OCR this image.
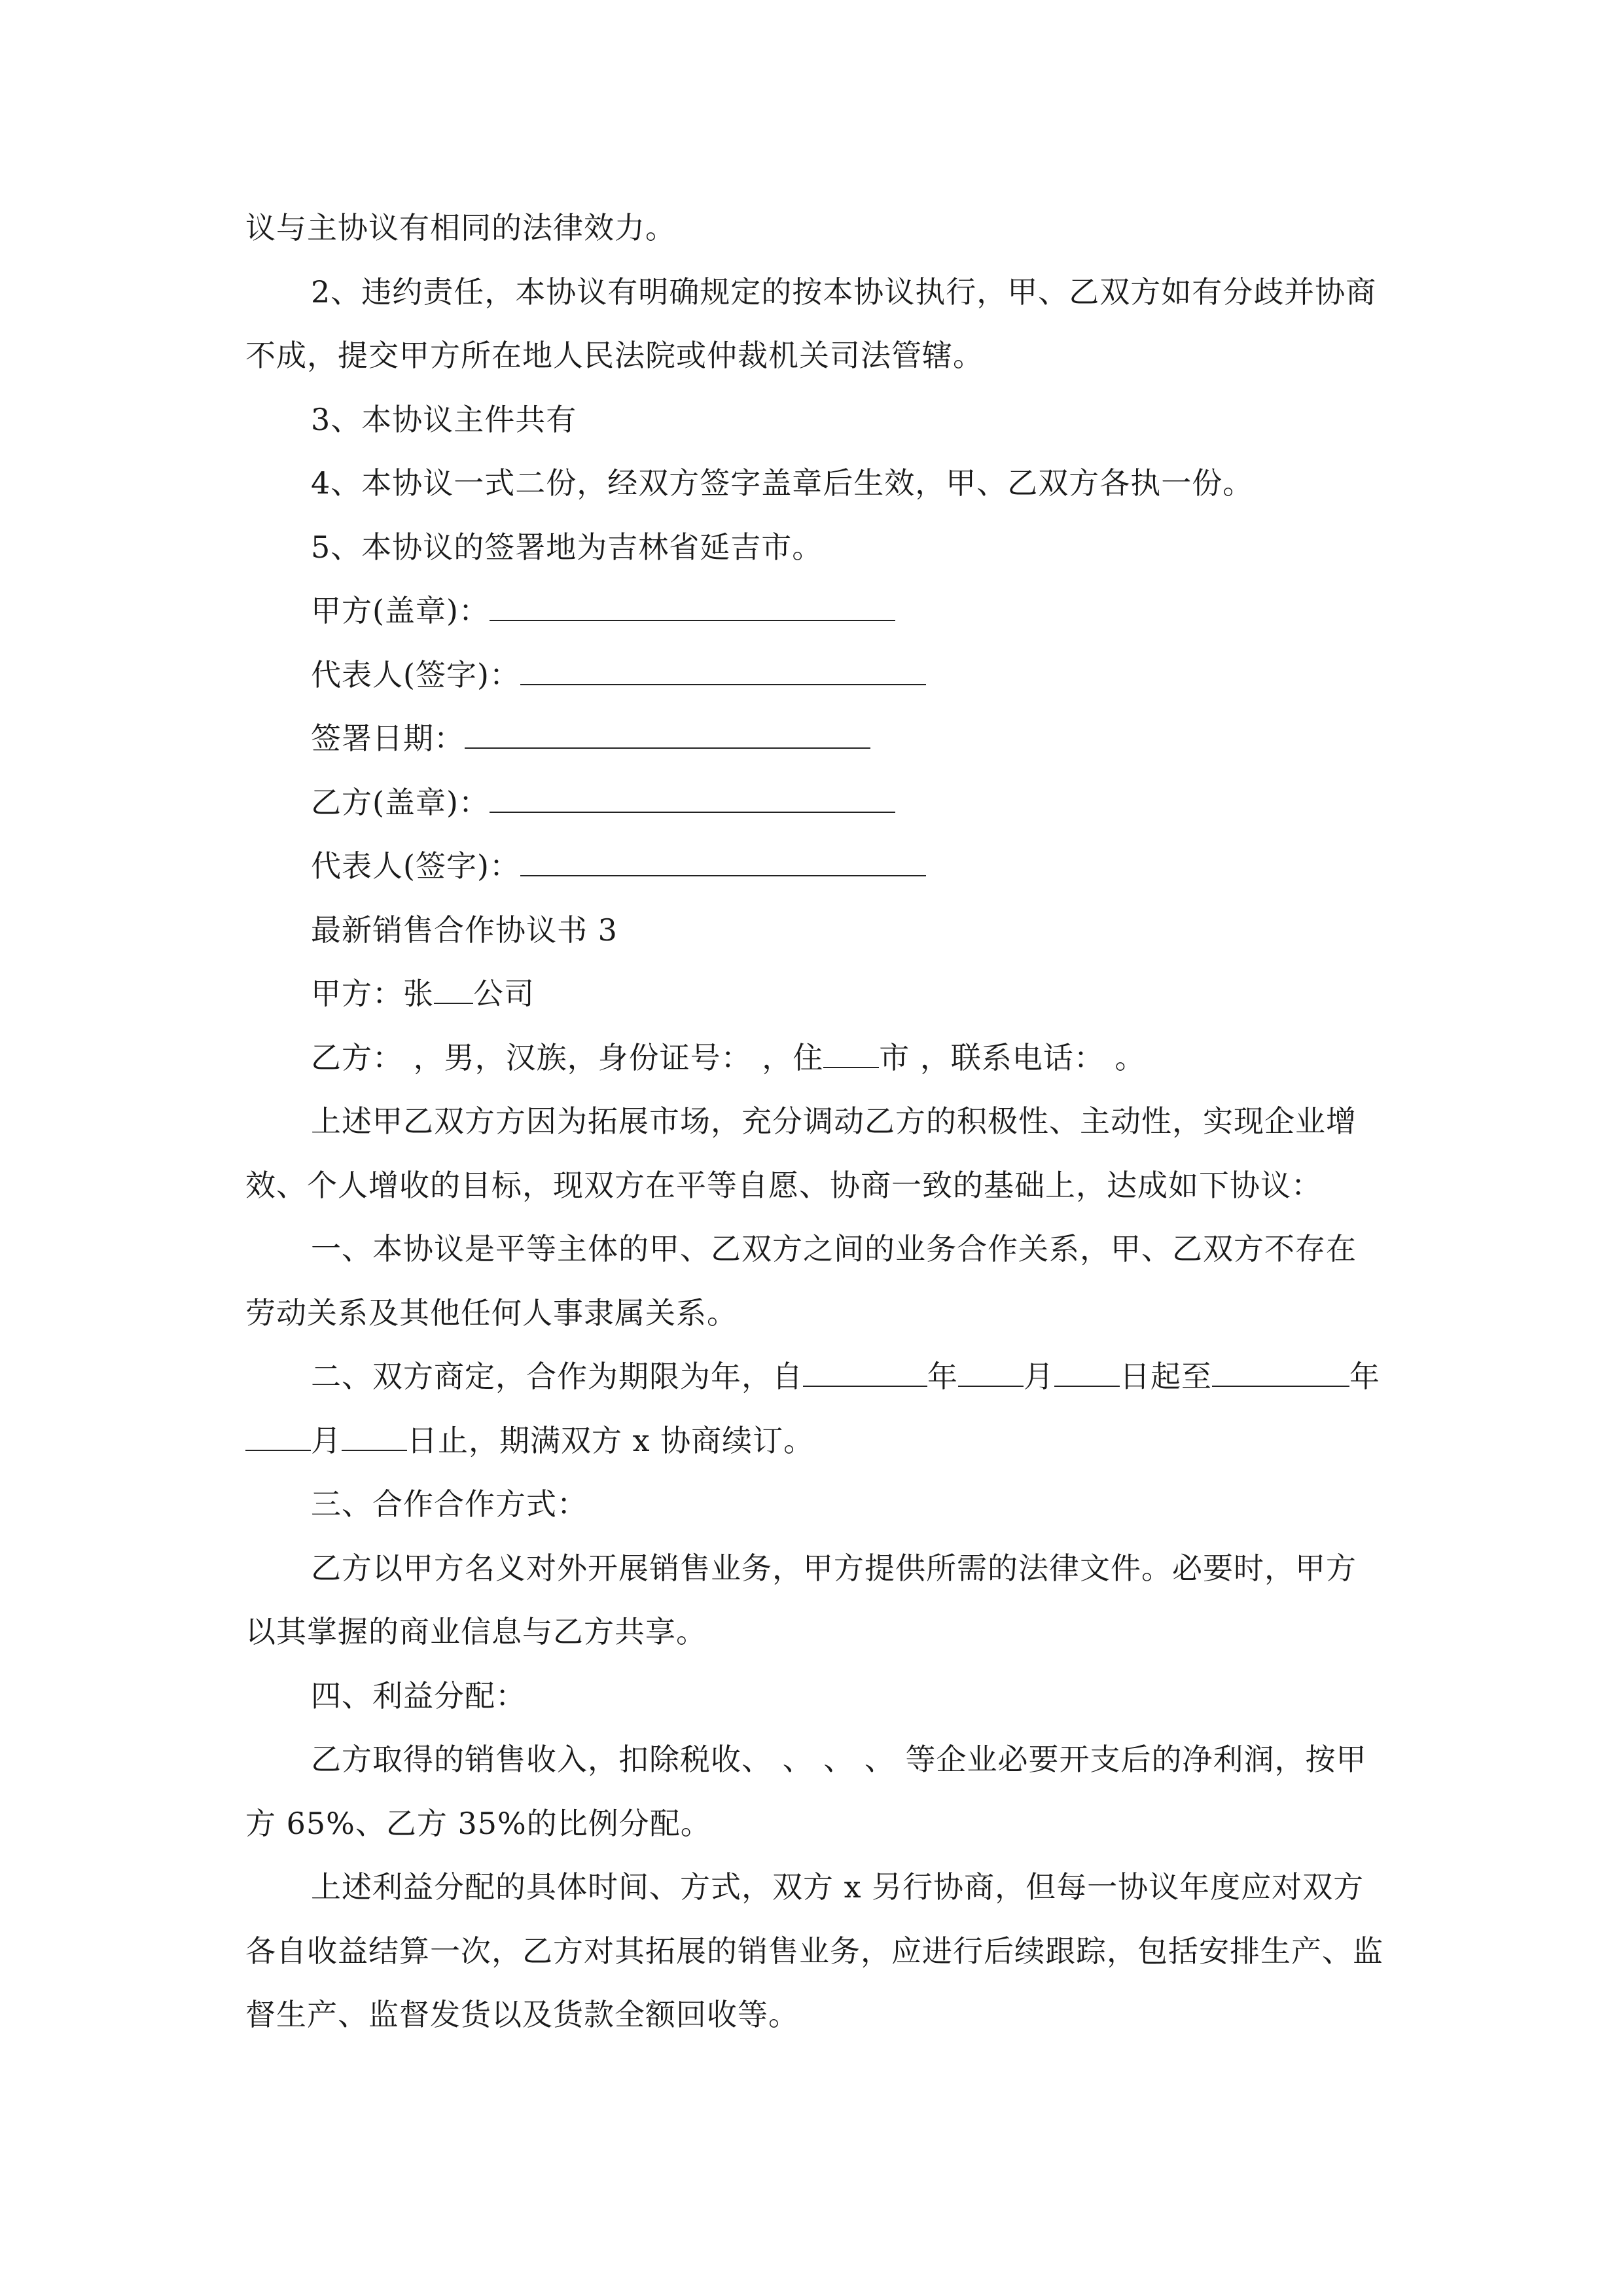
议与主协议有相同的法律效力。

2、违约责任，本协议有明确规定的按本协议执行，甲、乙双方如有分歧并协商不成，提交甲方所在地人民法院或仲裁机关司法管辖。

3、本协议主件共有

4、本协议一式二份，经双方签字盖章后生效，甲、乙双方各执一份。

5、本协议的签署地为吉林省延吉市。

甲方(盖章)：
代表人(签字)：
签署日期：
乙方(盖章)：
代表人(签字)：

最新销售合作协议书 3

甲方：张 公司

乙方： ，男，汉族，身份证号： ，住 市 ，联系电话： 。

上述甲乙双方方因为拓展市场，充分调动乙方的积极性、主动性，实现企业增效、个人增收的目标，现双方在平等自愿、协商一致的基础上，达成如下协议：

一、本协议是平等主体的甲、乙双方之间的业务合作关系，甲、乙双方不存在劳动关系及其他任何人事隶属关系。

二、双方商定，合作为期限为年，自	年 月 日起至	年月 日止，期满双方 x 协商续订。

三、合作合作方式：

乙方以甲方名义对外开展销售业务，甲方提供所需的法律文件。必要时，甲方以其掌握的商业信息与乙方共享。

四、利益分配：

乙方取得的销售收入，扣除税收、 、 、 、 等企业必要开支后的净利润，按甲方 65%、乙方 35%的比例分配。

上述利益分配的具体时间、方式，双方 x 另行协商，但每一协议年度应对双方各自收益结算一次，乙方对其拓展的销售业务，应进行后续跟踪，包括安排生产、监督生产、监督发货以及货款全额回收等。
